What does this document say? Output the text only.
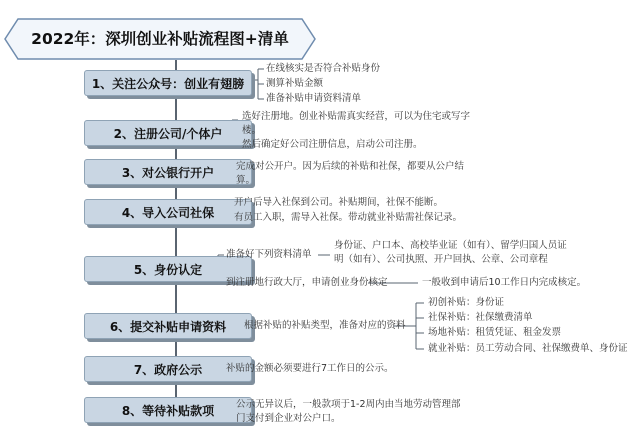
2022年：深圳创业补贴流程图+清单
1、关注公众号：创业有翅膀
2、注册公司/个体户
3、对公银行开户
4、导入公司社保
5、身份认定
6、提交补贴申请资料
7、政府公示
8、等待补贴款项
在线核实是否符合补贴身份
测算补贴金额
准备补贴申请资料清单
选好注册地。创业补贴需真实经营，可以为住宅或写字楼。
然后确定好公司注册信息，启动公司注册。
完成对公开户。因为后续的补贴和社保，都要从公户结算。
开户后导入社保到公司。补贴期间，社保不能断。
有员工入职，需导入社保。带动就业补贴需社保记录。
准备好下列资料清单
身份证、户口本、高校毕业证（如有）、留学归国人员证明（如有）、公司执照、开户回执、公章、公司章程
到注册地行政大厅，申请创业身份核定	一般收到申请后10工作日内完成核定。
根据补贴的补贴类型，准备对应的资料
初创补贴：身份证
社保补贴：社保缴费清单
场地补贴：租赁凭证、租金发票
就业补贴：员工劳动合同、社保缴费单、身份证
补贴的金额必须要进行7工作日的公示。
公示无异议后，一般款项于1-2周内由当地劳动管理部门支付到企业对公户口。
